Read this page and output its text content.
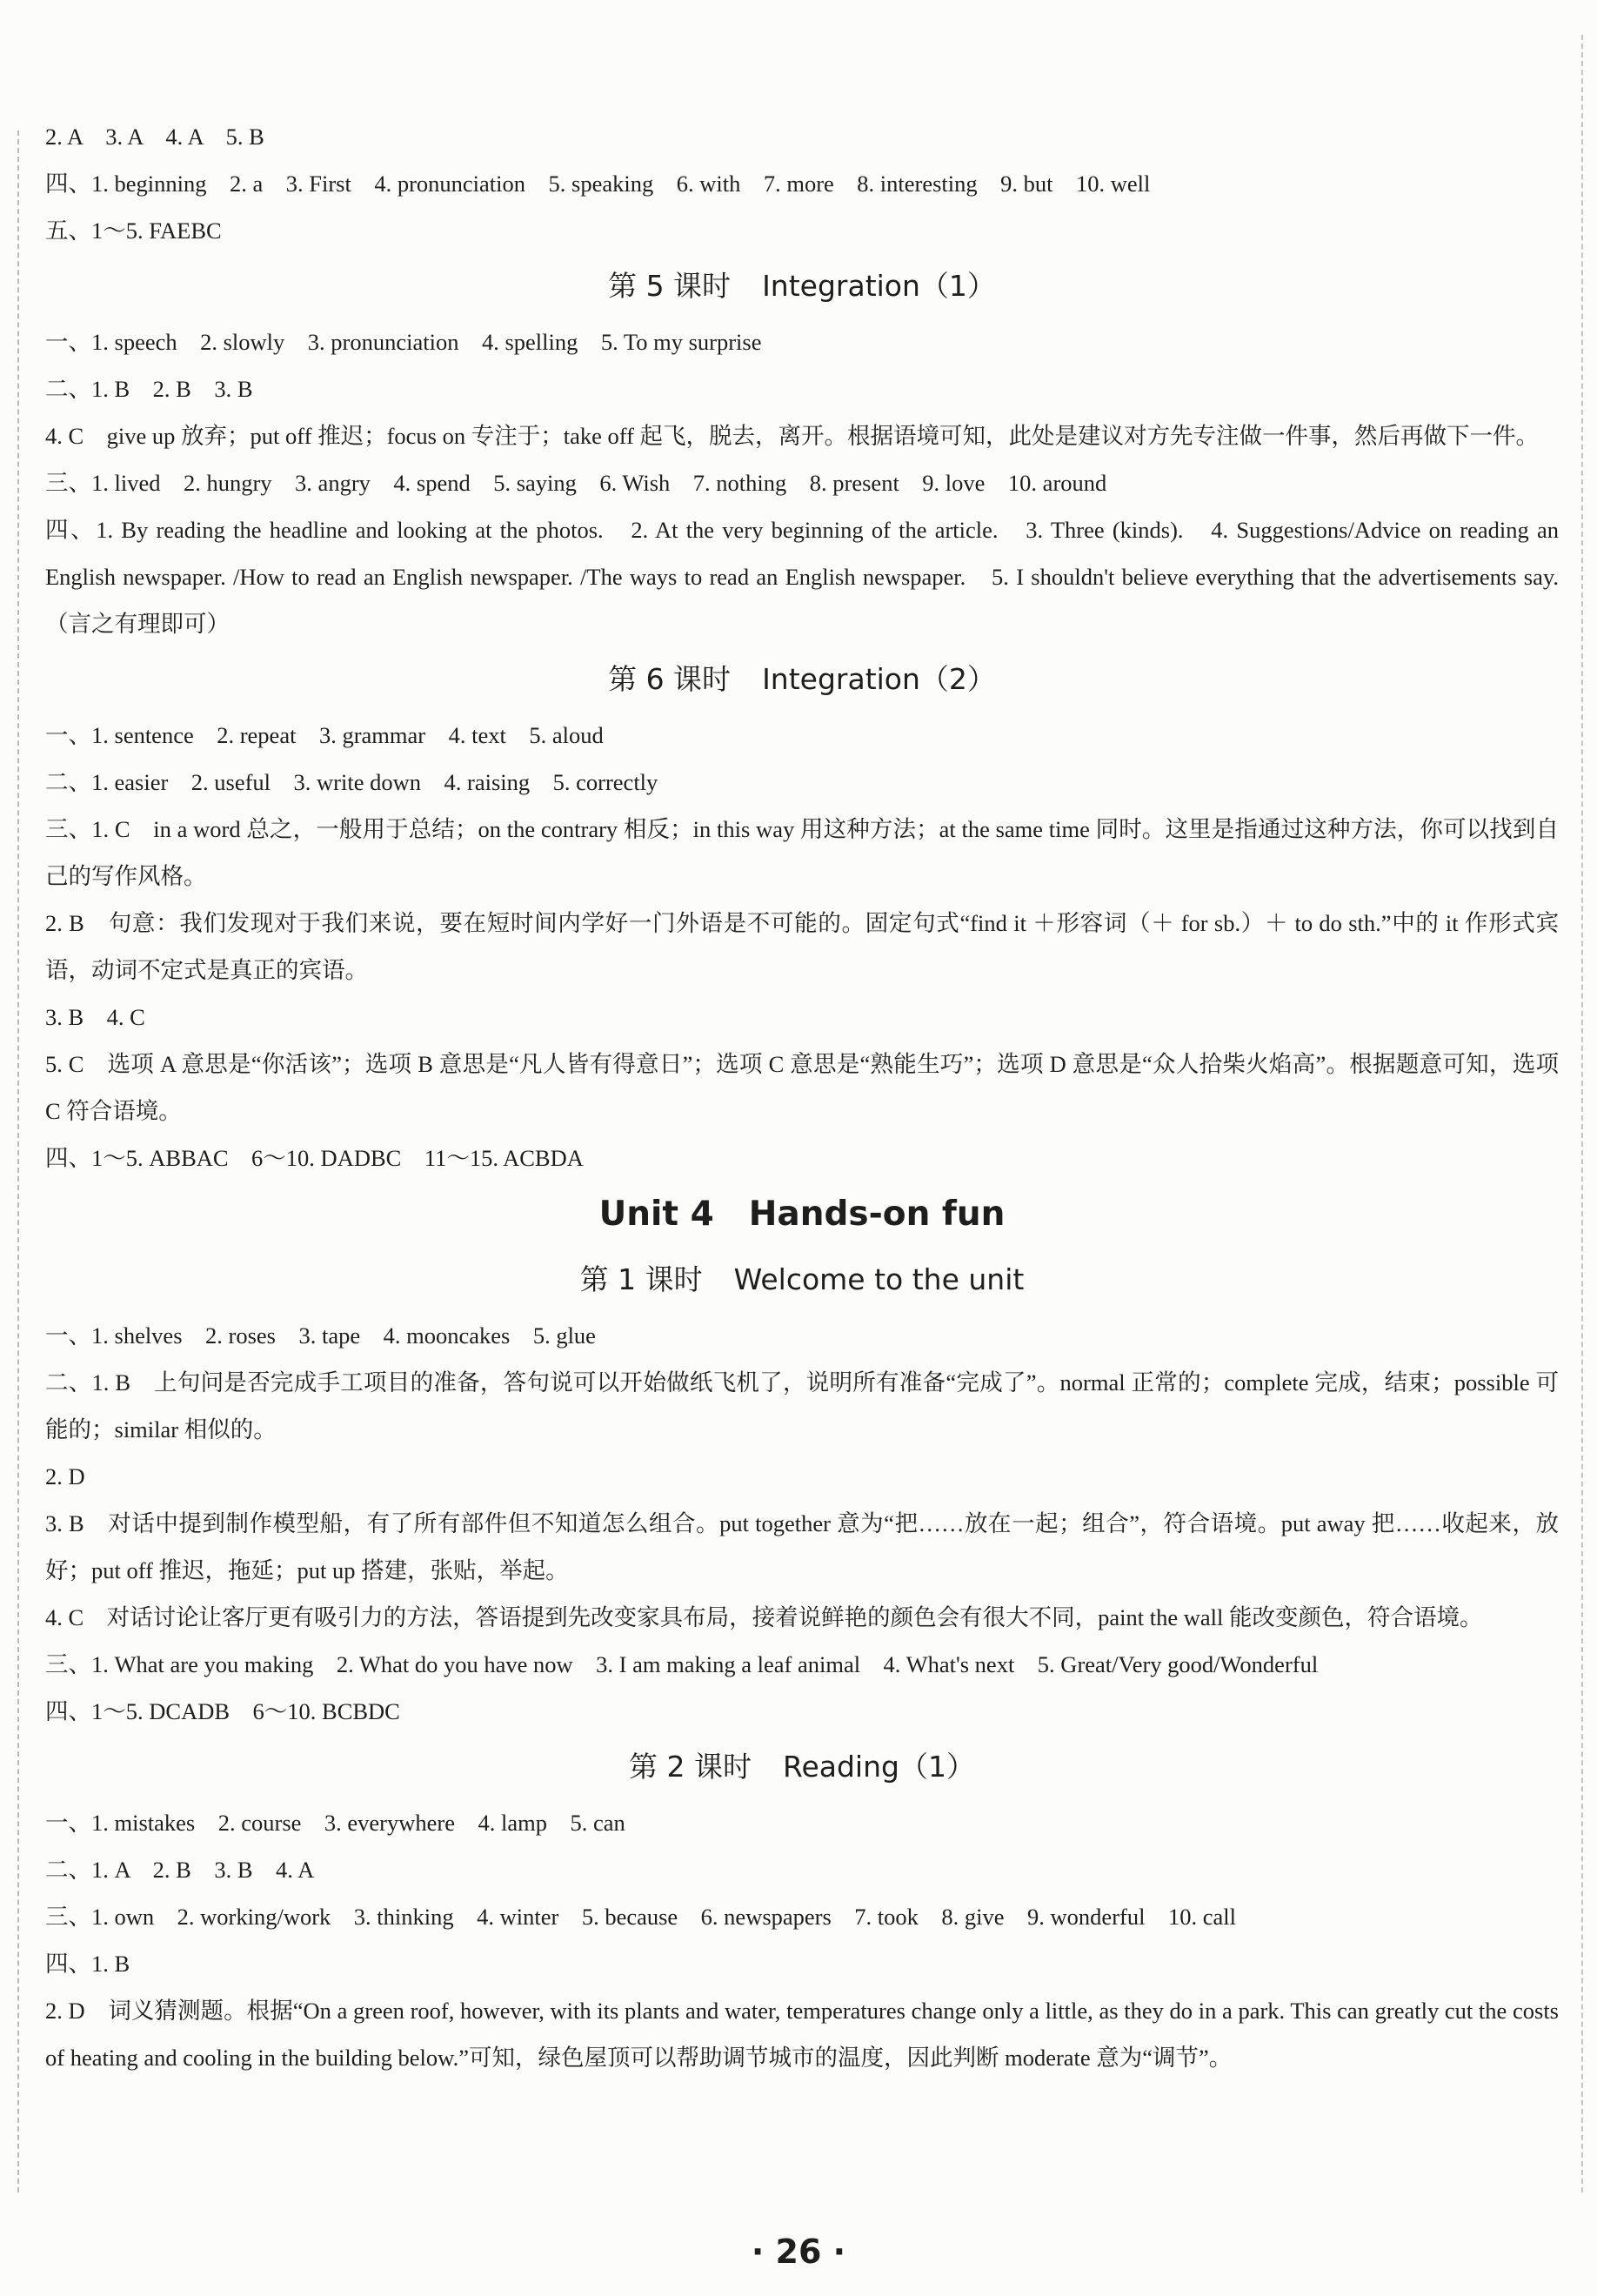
2. A　3. A　4. A　5. B
四、1. beginning　2. a　3. First　4. pronunciation　5. speaking　6. with　7. more　8. interesting　9. but　10. well
五、1～5. FAEBC
第 5 课时 Integration（1）
一、1. speech　2. slowly　3. pronunciation　4. spelling　5. To my surprise
二、1. B　2. B　3. B
4. C　give up 放弃；put off 推迟；focus on 专注于；take off 起飞，脱去，离开。根据语境可知，此处是建议对方先专注做一件事，然后再做下一件。
三、1. lived　2. hungry　3. angry　4. spend　5. saying　6. Wish　7. nothing　8. present　9. love　10. around
四、1. By reading the headline and looking at the photos.　2. At the very beginning of the article.　3. Three (kinds).　4. Suggestions/Advice on reading an English newspaper. /How to read an English newspaper. /The ways to read an English newspaper.　5. I shouldn't believe everything that the advertisements say.（言之有理即可）
第 6 课时 Integration（2）
一、1. sentence　2. repeat　3. grammar　4. text　5. aloud
二、1. easier　2. useful　3. write down　4. raising　5. correctly
三、1. C　in a word 总之，一般用于总结；on the contrary 相反；in this way 用这种方法；at the same time 同时。这里是指通过这种方法，你可以找到自己的写作风格。
2. B　句意：我们发现对于我们来说，要在短时间内学好一门外语是不可能的。固定句式“find it ＋形容词（＋ for sb.）＋ to do sth.”中的 it 作形式宾语，动词不定式是真正的宾语。
3. B　4. C
5. C　选项 A 意思是“你活该”；选项 B 意思是“凡人皆有得意日”；选项 C 意思是“熟能生巧”；选项 D 意思是“众人拾柴火焰高”。根据题意可知，选项 C 符合语境。
四、1～5. ABBAC　6～10. DADBC　11～15. ACBDA
Unit 4 Hands-on fun
第 1 课时 Welcome to the unit
一、1. shelves　2. roses　3. tape　4. mooncakes　5. glue
二、1. B　上句问是否完成手工项目的准备，答句说可以开始做纸飞机了，说明所有准备“完成了”。normal 正常的；complete 完成，结束；possible 可能的；similar 相似的。
2. D
3. B　对话中提到制作模型船，有了所有部件但不知道怎么组合。put together 意为“把……放在一起；组合”，符合语境。put away 把……收起来，放好；put off 推迟，拖延；put up 搭建，张贴，举起。
4. C　对话讨论让客厅更有吸引力的方法，答语提到先改变家具布局，接着说鲜艳的颜色会有很大不同，paint the wall 能改变颜色，符合语境。
三、1. What are you making　2. What do you have now　3. I am making a leaf animal　4. What's next　5. Great/Very good/Wonderful
四、1～5. DCADB　6～10. BCBDC
第 2 课时 Reading（1）
一、1. mistakes　2. course　3. everywhere　4. lamp　5. can
二、1. A　2. B　3. B　4. A
三、1. own　2. working/work　3. thinking　4. winter　5. because　6. newspapers　7. took　8. give　9. wonderful　10. call
四、1. B
2. D　词义猜测题。根据“On a green roof, however, with its plants and water, temperatures change only a little, as they do in a park. This can greatly cut the costs of heating and cooling in the building below.”可知，绿色屋顶可以帮助调节城市的温度，因此判断 moderate 意为“调节”。
· 26 ·
